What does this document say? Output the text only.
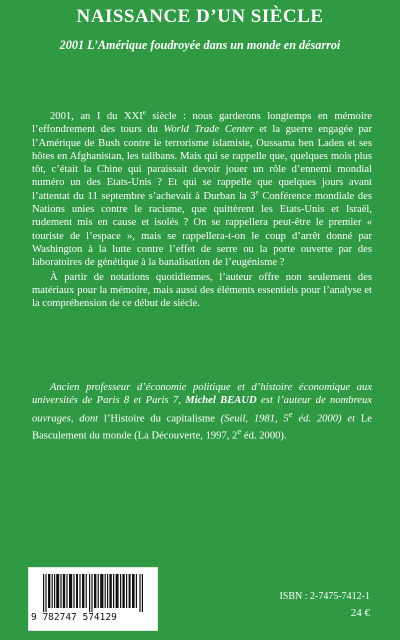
NAISSANCE D’UN SIÈCLE
2001 L’Amérique foudroyée dans un monde en désarroi

2001, an I du XXIe siècle : nous garderons longtemps en mémoire l’effondrement des tours du World Trade Center et la guerre engagée par l’Amérique de Bush contre le terrorisme islamiste, Oussama ben Laden et ses hôtes en Afghanistan, les talibans. Mais qui se rappelle que, quelques mois plus tôt, c’était la Chine qui paraissait devoir jouer un rôle d’ennemi mondial numéro un des Etats-Unis ? Et qui se rappelle que quelques jours avant l’attentat du 11 septembre s’achevait à Durban la 3e Conférence mondiale des Nations unies contre le racisme, que quittèrent les Etats-Unis et Israël, rudement mis en cause et isolés ? On se rappellera peut-être le premier « touriste de l’espace », mais se rappellera-t-on le coup d’arrêt donné par Washington à la lutte contre l’effet de serre ou la porte ouverte par des laboratoires de génétique à la banalisation de l’eugénisme ?

À partir de notations quotidiennes, l’auteur offre non seulement des matériaux pour la mémoire, mais aussi des éléments essentiels pour l’analyse et la compréhension de ce début de siècle.

Ancien professeur d’économie politique et d’histoire économique aux universités de Paris 8 et Paris 7, Michel BEAUD est l’auteur de nombreux ouvrages, dont l’Histoire du capitalisme (Seuil, 1981, 5e éd. 2000) et Le Basculement du monde (La Découverte, 1997, 2e éd. 2000).

9 782747 574129
ISBN : 2-7475-7412-1
24 €
